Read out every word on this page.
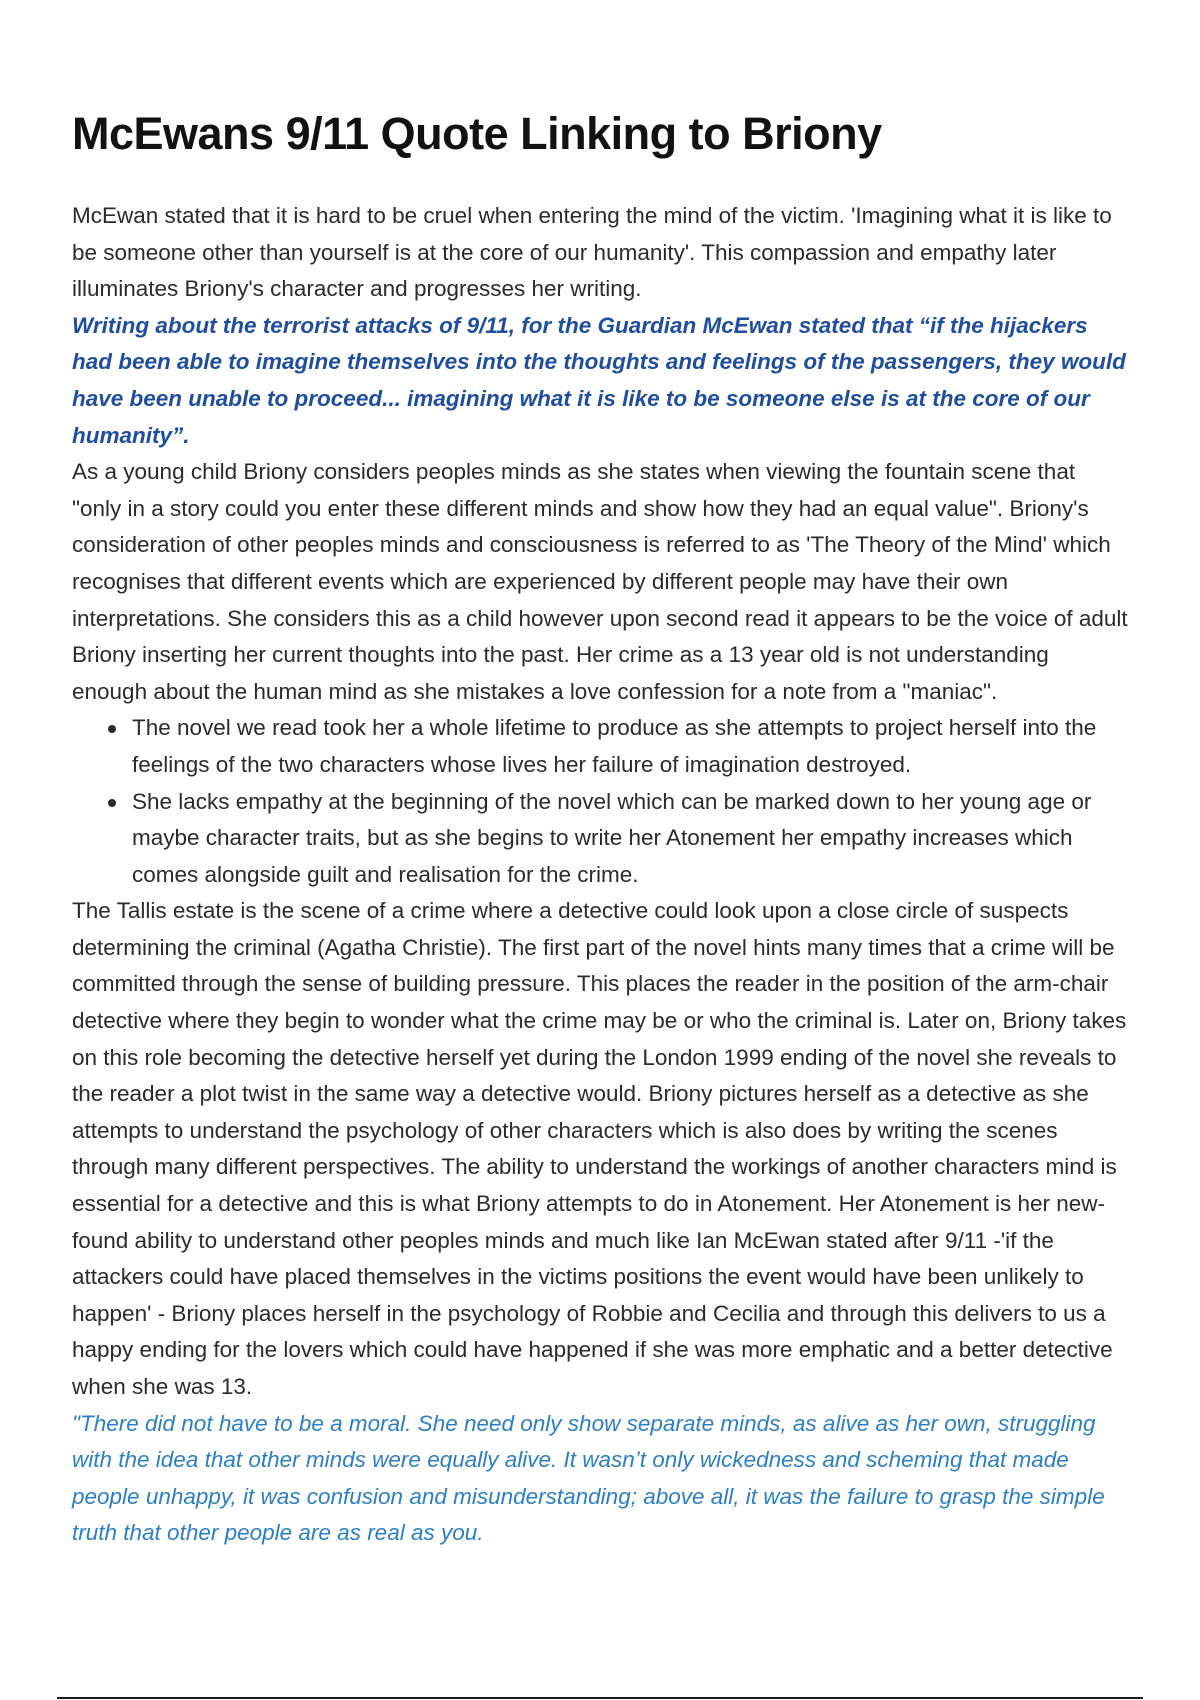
McEwans 9/11 Quote Linking to Briony

McEwan stated that it is hard to be cruel when entering the mind of the victim. 'Imagining what it is like to be someone other than yourself is at the core of our humanity'. This compassion and empathy later illuminates Briony's character and progresses her writing.

Writing about the terrorist attacks of 9/11, for the Guardian McEwan stated that “if the hijackers had been able to imagine themselves into the thoughts and feelings of the passengers, they would have been unable to proceed... imagining what it is like to be someone else is at the core of our humanity”.

As a young child Briony considers peoples minds as she states when viewing the fountain scene that "only in a story could you enter these different minds and show how they had an equal value". Briony's consideration of other peoples minds and consciousness is referred to as 'The Theory of the Mind' which recognises that different events which are experienced by different people may have their own interpretations. She considers this as a child however upon second read it appears to be the voice of adult Briony inserting her current thoughts into the past. Her crime as a 13 year old is not understanding enough about the human mind as she mistakes a love confession for a note from a "maniac".

The novel we read took her a whole lifetime to produce as she attempts to project herself into the feelings of the two characters whose lives her failure of imagination destroyed.
She lacks empathy at the beginning of the novel which can be marked down to her young age or maybe character traits, but as she begins to write her Atonement her empathy increases which comes alongside guilt and realisation for the crime.

The Tallis estate is the scene of a crime where a detective could look upon a close circle of suspects determining the criminal (Agatha Christie). The first part of the novel hints many times that a crime will be committed through the sense of building pressure. This places the reader in the position of the arm-chair detective where they begin to wonder what the crime may be or who the criminal is. Later on, Briony takes on this role becoming the detective herself yet during the London 1999 ending of the novel she reveals to the reader a plot twist in the same way a detective would. Briony pictures herself as a detective as she attempts to understand the psychology of other characters which is also does by writing the scenes through many different perspectives. The ability to understand the workings of another characters mind is essential for a detective and this is what Briony attempts to do in Atonement. Her Atonement is her new-found ability to understand other peoples minds and much like Ian McEwan stated after 9/11 -'if the attackers could have placed themselves in the victims positions the event would have been unlikely to happen' - Briony places herself in the psychology of Robbie and Cecilia and through this delivers to us a happy ending for the lovers which could have happened if she was more emphatic and a better detective when she was 13.

"There did not have to be a moral. She need only show separate minds, as alive as her own, struggling with the idea that other minds were equally alive. It wasn’t only wickedness and scheming that made people unhappy, it was confusion and misunderstanding; above all, it was the failure to grasp the simple truth that other people are as real as you.
